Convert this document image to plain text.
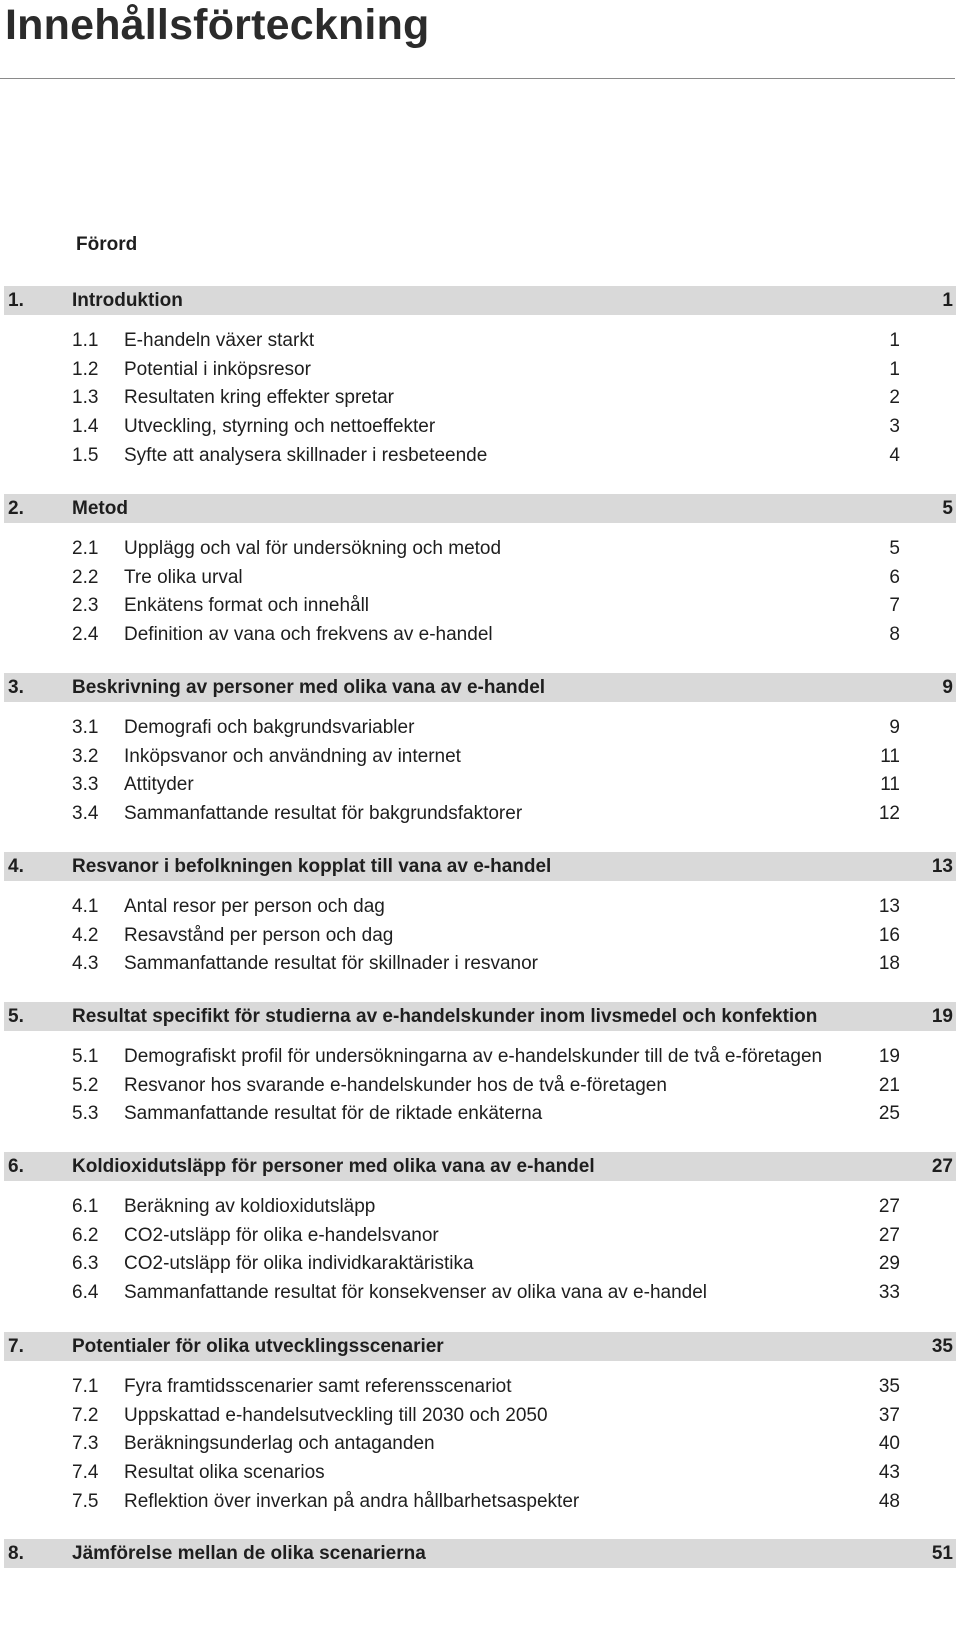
Innehållsförteckning
Förord
1.	Introduktion	1
1.1 E-handeln växer starkt	1
1.2 Potential i inköpsresor	1
1.3 Resultaten kring effekter spretar	2
1.4 Utveckling, styrning och nettoeffekter	3
1.5 Syfte att analysera skillnader i resbeteende	4
2.	Metod	5
2.1 Upplägg och val för undersökning och metod	5
2.2 Tre olika urval	6
2.3 Enkätens format och innehåll	7
2.4 Definition av vana och frekvens av e-handel	8
3.	Beskrivning av personer med olika vana av e-handel	9
3.1 Demografi och bakgrundsvariabler	9
3.2 Inköpsvanor och användning av internet	11
3.3 Attityder	11
3.4 Sammanfattande resultat för bakgrundsfaktorer	12
4.	Resvanor i befolkningen kopplat till vana av e-handel	13
4.1 Antal resor per person och dag	13
4.2 Resavstånd per person och dag	16
4.3 Sammanfattande resultat för skillnader i resvanor	18
5.	Resultat specifikt för studierna av e-handelskunder inom livsmedel och konfektion	19
5.1 Demografiskt profil för undersökningarna av e-handelskunder till de två e-företagen	19
5.2 Resvanor hos svarande e-handelskunder hos de två e-företagen	21
5.3 Sammanfattande resultat för de riktade enkäterna	25
6.	Koldioxidutsläpp för personer med olika vana av e-handel	27
6.1 Beräkning av koldioxidutsläpp	27
6.2 CO2-utsläpp för olika e-handelsvanor	27
6.3 CO2-utsläpp för olika individkaraktäristika	29
6.4 Sammanfattande resultat för konsekvenser av olika vana av e-handel	33
7.	Potentialer för olika utvecklingsscenarier	35
7.1 Fyra framtidsscenarier samt referensscenariot	35
7.2 Uppskattad e-handelsutveckling till 2030 och 2050	37
7.3 Beräkningsunderlag och antaganden	40
7.4 Resultat olika scenarios	43
7.5 Reflektion över inverkan på andra hållbarhetsaspekter	48
8.	Jämförelse mellan de olika scenarierna	51
